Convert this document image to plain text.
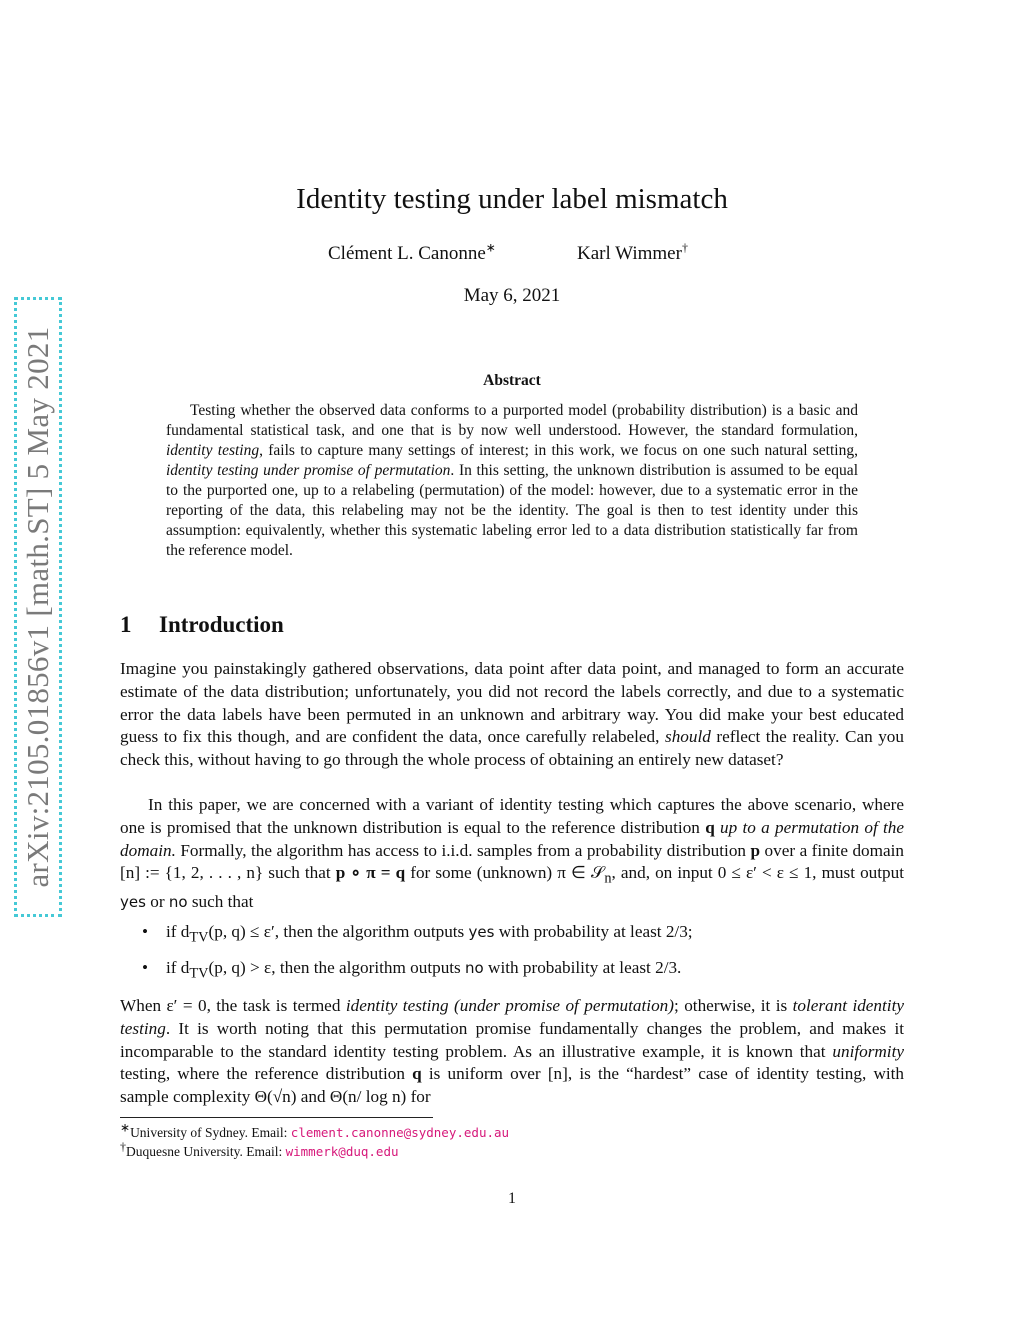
arXiv:2105.01856v1 [math.ST] 5 May 2021
Identity testing under label mismatch
Clément L. Canonne∗	Karl Wimmer†
May 6, 2021
Abstract
Testing whether the observed data conforms to a purported model (probability distribution) is a basic and fundamental statistical task, and one that is by now well understood. However, the standard formulation, identity testing, fails to capture many settings of interest; in this work, we focus on one such natural setting, identity testing under promise of permutation. In this setting, the unknown distribution is assumed to be equal to the purported one, up to a relabeling (permutation) of the model: however, due to a systematic error in the reporting of the data, this relabeling may not be the identity. The goal is then to test identity under this assumption: equivalently, whether this systematic labeling error led to a data distribution statistically far from the reference model.
1 Introduction
Imagine you painstakingly gathered observations, data point after data point, and managed to form an accurate estimate of the data distribution; unfortunately, you did not record the labels correctly, and due to a systematic error the data labels have been permuted in an unknown and arbitrary way. You did make your best educated guess to fix this though, and are confident the data, once carefully relabeled, should reflect the reality. Can you check this, without having to go through the whole process of obtaining an entirely new dataset?
In this paper, we are concerned with a variant of identity testing which captures the above scenario, where one is promised that the unknown distribution is equal to the reference distribution q up to a permutation of the domain. Formally, the algorithm has access to i.i.d. samples from a probability distribution p over a finite domain [n] := {1, 2, . . . , n} such that p ∘ π = q for some (unknown) π ∈ 𝒮$_n$, and, on input 0 ≤ ε′ < ε ≤ 1, must output yes or no such that
• if $d_{TV}(p$, q) ≤ ε′, then the algorithm outputs yes with probability at least 2/3;
• if $d_{TV}(p$, q) > ε, then the algorithm outputs no with probability at least 2/3.
When ε′ = 0, the task is termed identity testing (under promise of permutation); otherwise, it is tolerant identity testing. It is worth noting that this permutation promise fundamentally changes the problem, and makes it incomparable to the standard identity testing problem. As an illustrative example, it is known that uniformity testing, where the reference distribution q is uniform over [n], is the “hardest” case of identity testing, with sample complexity Θ(√n) and Θ(n/ log n) for
∗University of Sydney. Email: clement.canonne@sydney.edu.au
†Duquesne University. Email: wimmerk@duq.edu
1
